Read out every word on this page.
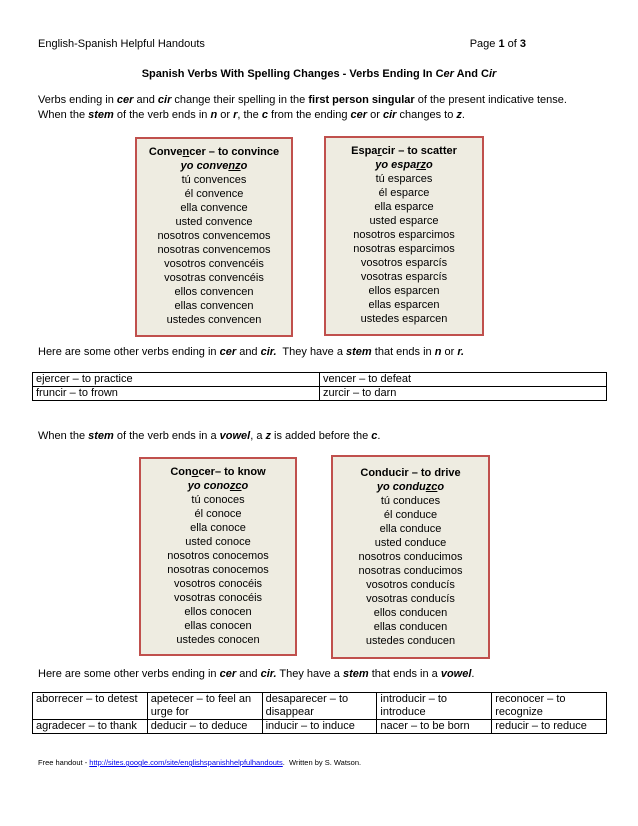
English-Spanish Helpful Handouts	Page 1 of 3
Spanish Verbs With Spelling Changes - Verbs Ending In Cer And Cir
Verbs ending in cer and cir change their spelling in the first person singular of the present indicative tense.
When the stem of the verb ends in n or r, the c from the ending cer or cir changes to z.
Convencer – to convince
yo convenzo
tú convences
él convence
ella convence
usted convence
nosotros convencemos
nosotras convencemos
vosotros convencéis
vosotras convencéis
ellos convencen
ellas convencen
ustedes convencen
Esparcir – to scatter
yo esparzo
tú esparces
él esparce
ella esparce
usted esparce
nosotros esparcimos
nosotras esparcimos
vosotros esparcís
vosotras esparcís
ellos esparcen
ellas esparcen
ustedes esparcen
Here are some other verbs ending in cer and cir.  They have a stem that ends in n or r.
ejercer – to practice	vencer – to defeat
fruncir – to frown	zurcir – to darn
When the stem of the verb ends in a vowel, a z is added before the c.
Conocer– to know
yo conozco
tú conoces
él conoce
ella conoce
usted conoce
nosotros conocemos
nosotras conocemos
vosotros conocéis
vosotras conocéis
ellos conocen
ellas conocen
ustedes conocen
Conducir – to drive
yo conduzco
tú conduces
él conduce
ella conduce
usted conduce
nosotros conducimos
nosotras conducimos
vosotros conducís
vosotras conducís
ellos conducen
ellas conducen
ustedes conducen
Here are some other verbs ending in cer and cir. They have a stem that ends in a vowel.
aborrecer – to detest	apetecer – to feel an urge for	desaparecer – to disappear	introducir – to introduce	reconocer – to recognize
agradecer – to thank	deducir – to deduce	inducir – to induce	nacer – to be born	reducir – to reduce
Free handout - http://sites.google.com/site/englishspanishhelpfulhandouts.  Written by S. Watson.
